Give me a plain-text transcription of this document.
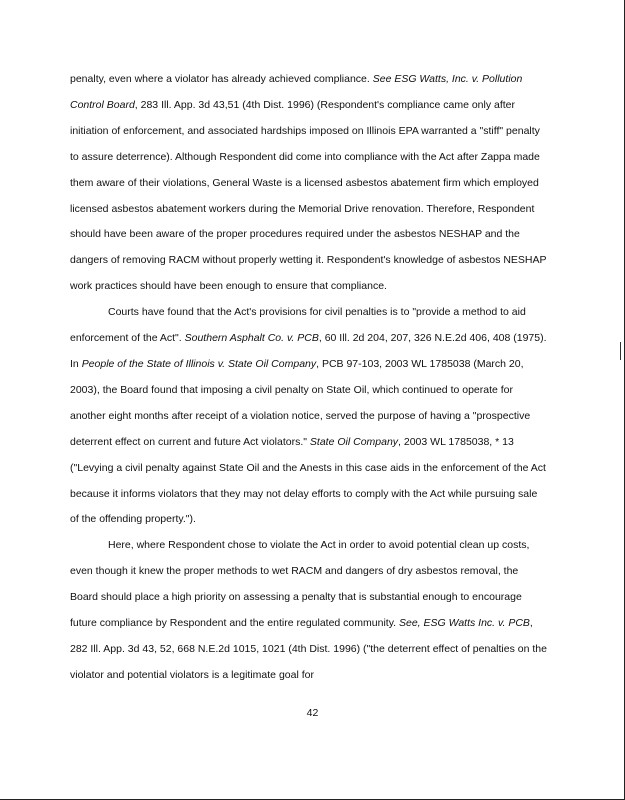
penalty, even where a violator has already achieved compliance. See ESG Watts, Inc. v. Pollution Control Board, 283 Ill. App. 3d 43,51 (4th Dist. 1996) (Respondent's compliance came only after initiation of enforcement, and associated hardships imposed on Illinois EPA warranted a "stiff" penalty to assure deterrence). Although Respondent did come into compliance with the Act after Zappa made them aware of their violations, General Waste is a licensed asbestos abatement firm which employed licensed asbestos abatement workers during the Memorial Drive renovation. Therefore, Respondent should have been aware of the proper procedures required under the asbestos NESHAP and the dangers of removing RACM without properly wetting it. Respondent's knowledge of asbestos NESHAP work practices should have been enough to ensure that compliance.

Courts have found that the Act's provisions for civil penalties is to "provide a method to aid enforcement of the Act". Southern Asphalt Co. v. PCB, 60 Ill. 2d 204, 207, 326 N.E.2d 406, 408 (1975). In People of the State of Illinois v. State Oil Company, PCB 97-103, 2003 WL 1785038 (March 20, 2003), the Board found that imposing a civil penalty on State Oil, which continued to operate for another eight months after receipt of a violation notice, served the purpose of having a "prospective deterrent effect on current and future Act violators." State Oil Company, 2003 WL 1785038, * 13 ("Levying a civil penalty against State Oil and the Anests in this case aids in the enforcement of the Act because it informs violators that they may not delay efforts to comply with the Act while pursuing sale of the offending property.").

Here, where Respondent chose to violate the Act in order to avoid potential clean up costs, even though it knew the proper methods to wet RACM and dangers of dry asbestos removal, the Board should place a high priority on assessing a penalty that is substantial enough to encourage future compliance by Respondent and the entire regulated community. See, ESG Watts Inc. v. PCB, 282 Ill. App. 3d 43, 52, 668 N.E.2d 1015, 1021 (4th Dist. 1996) ("the deterrent effect of penalties on the violator and potential violators is a legitimate goal for

42
